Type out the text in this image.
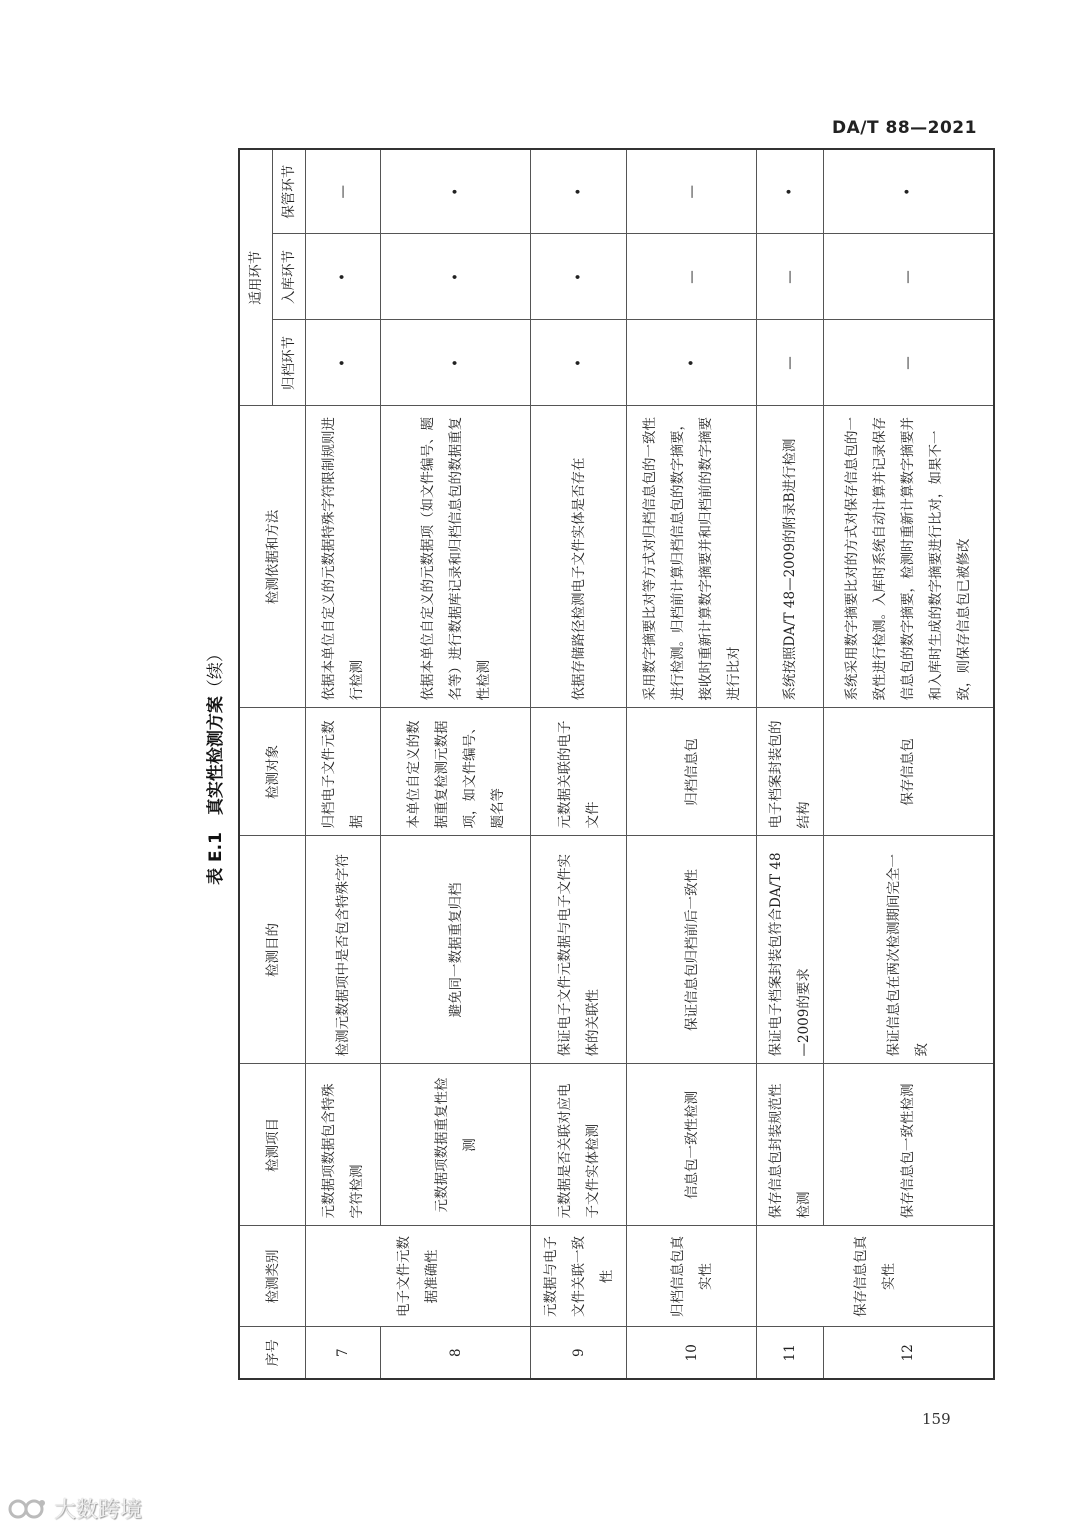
DA/T 88—2021
表 E.1　真实性检测方案（续）
序号	检测类别	检测项目	检测目的	检测对象	检测依据和方法	适用环节		
						归档环节	入库环节	保管环节
7	电子文件元数据准确性	元数据项数据包含特殊字符检测	检测元数据项中是否包含特殊字符	归档电子文件元数据	依据本单位自定义的元数据特殊字符限制规则进行检测	•	•	—
8		元数据项数据重复性检测	避免同一数据重复归档	本单位自定义的数据重复检测元数据项，如文件编号、题名等	依据本单位自定义的元数据项（如文件编号、题名等）进行数据库记录和归档信息包的数据重复性检测	•	•	•
9	元数据与电子文件关联一致性	元数据是否关联对应电子文件实体检测	保证电子文件元数据与电子文件实体的关联性	元数据关联的电子文件	依据存储路径检测电子文件实体是否存在	•	•	•
10	归档信息包真实性	信息包一致性检测	保证信息包归档前后一致性	归档信息包	采用数字摘要比对等方式对归档信息包的一致性进行检测。归档前计算归档信息包的数字摘要，接收时重新计算数字摘要并和归档前的数字摘要进行比对	•	—	—
11	保存信息包真实性	保存信息包封装规范性检测	保证电子档案封装包符合DA/T 48—2009的要求	电子档案封装包的结构	系统按照DA/T 48—2009的附录B进行检测	—	—	•
12		保存信息包一致性检测	保证信息包在两次检测期间完全一致	保存信息包	系统采用数字摘要比对的方式对保存信息包的一致性进行检测。入库时系统自动计算并记录保存信息包的数字摘要，检测时重新计算数字摘要并和入库时生成的数字摘要进行比对，如果不一致，则保存信息包已被修改	—	—	•
159
大数跨境
